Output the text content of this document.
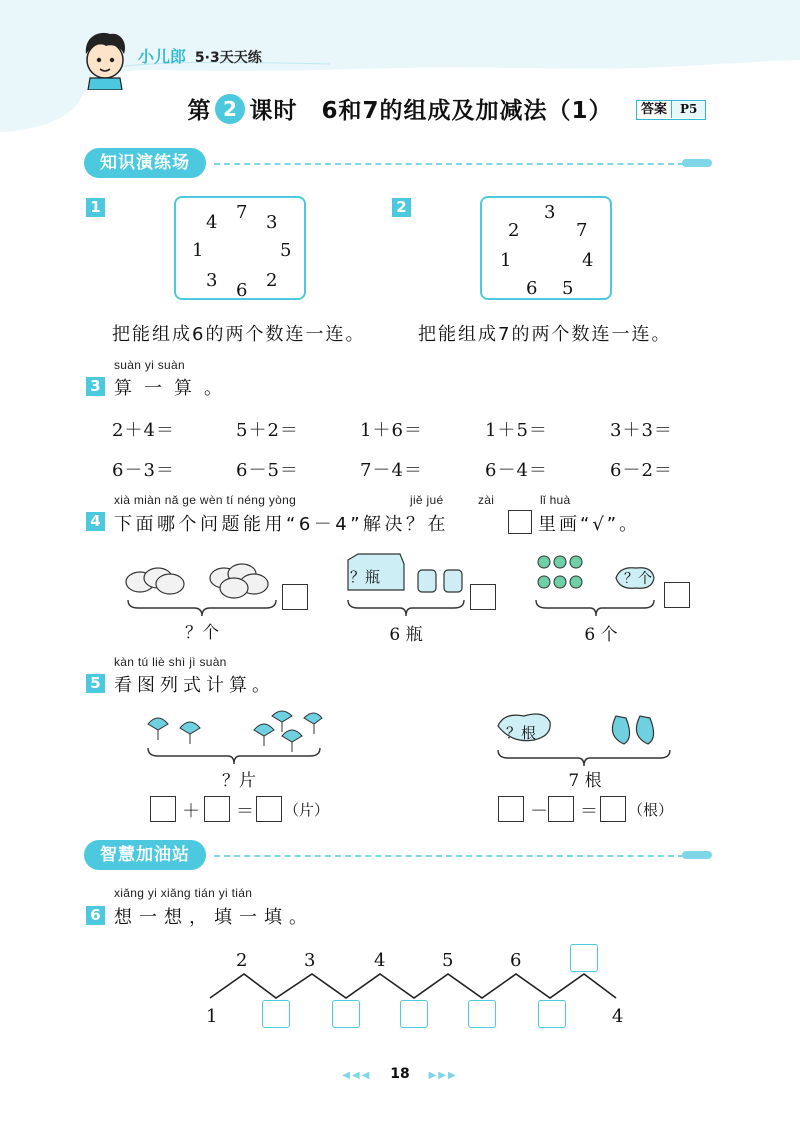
小儿郎 5·3天天练
第 2 课时　6和7的组成及加减法（1）	答案 P5
知识演练场
1
4 7 3
1	5
3 6 2
把能组成6的两个数连一连。
2	3
2	7
1	4
6 5
把能组成7的两个数连一连。
suàn yi suàn
3 算一算。
2＋4＝	5＋2＝	1＋6＝	1＋5＝	3＋3＝
6－3＝	6－5＝	7－4＝	6－4＝	6－2＝
xià miàn nǎ ge wèn tí néng yòng	jiě jué	zài	lǐ huà
4 下面哪个问题能用“6－4”解决？在	里画“√”。
？个
？瓶
6 瓶
？个
6 个
kàn tú liè shì jì suàn
5 看图列式计算。
？片
＋ ＝ （片）
？根
7 根
－ ＝ （根）
智慧加油站
xiǎng yi xiǎng tián yi tián
6 想一想，填一填。
2	3	4	5	6
1	4
◀◀◀ 18 ▶▶▶
